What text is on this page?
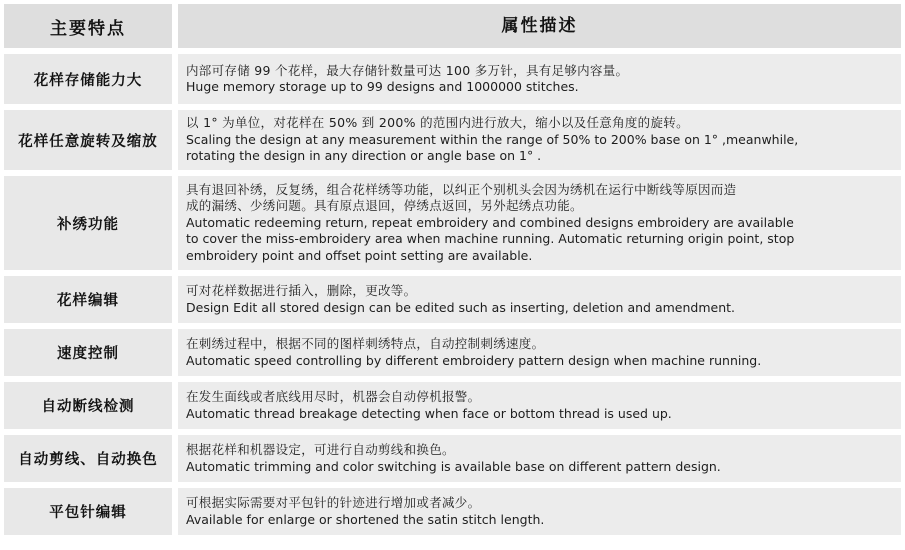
主要特点	属性描述
花样存储能力大
内部可存储 99 个花样，最大存储针数量可达 100 多万针，具有足够内容量。
Huge memory storage up to 99 designs and 1000000 stitches.
花样任意旋转及缩放
以 1° 为单位，对花样在 50% 到 200% 的范围内进行放大，缩小以及任意角度的旋转。
Scaling the design at any measurement within the range of 50% to 200% base on 1° ,meanwhile,
rotating the design in any direction or angle base on 1° .
补绣功能
具有退回补绣，反复绣，组合花样绣等功能，以纠正个别机头会因为绣机在运行中断线等原因而造
成的漏绣、少绣问题。具有原点退回，停绣点返回，另外起绣点功能。
Automatic redeeming return, repeat embroidery and combined designs embroidery are available
to cover the miss-embroidery area when machine running. Automatic returning origin point, stop
embroidery point and offset point setting are available.
花样编辑
可对花样数据进行插入，删除，更改等。
Design Edit all stored design can be edited such as inserting, deletion and amendment.
速度控制
在刺绣过程中，根据不同的图样刺绣特点，自动控制刺绣速度。
Automatic speed controlling by different embroidery pattern design when machine running.
自动断线检测
在发生面线或者底线用尽时，机器会自动停机报警。
Automatic thread breakage detecting when face or bottom thread is used up.
自动剪线、自动换色
根据花样和机器设定，可进行自动剪线和换色。
Automatic trimming and color switching is available base on different pattern design.
平包针编辑
可根据实际需要对平包针的针迹进行增加或者减少。
Available for enlarge or shortened the satin stitch length.
